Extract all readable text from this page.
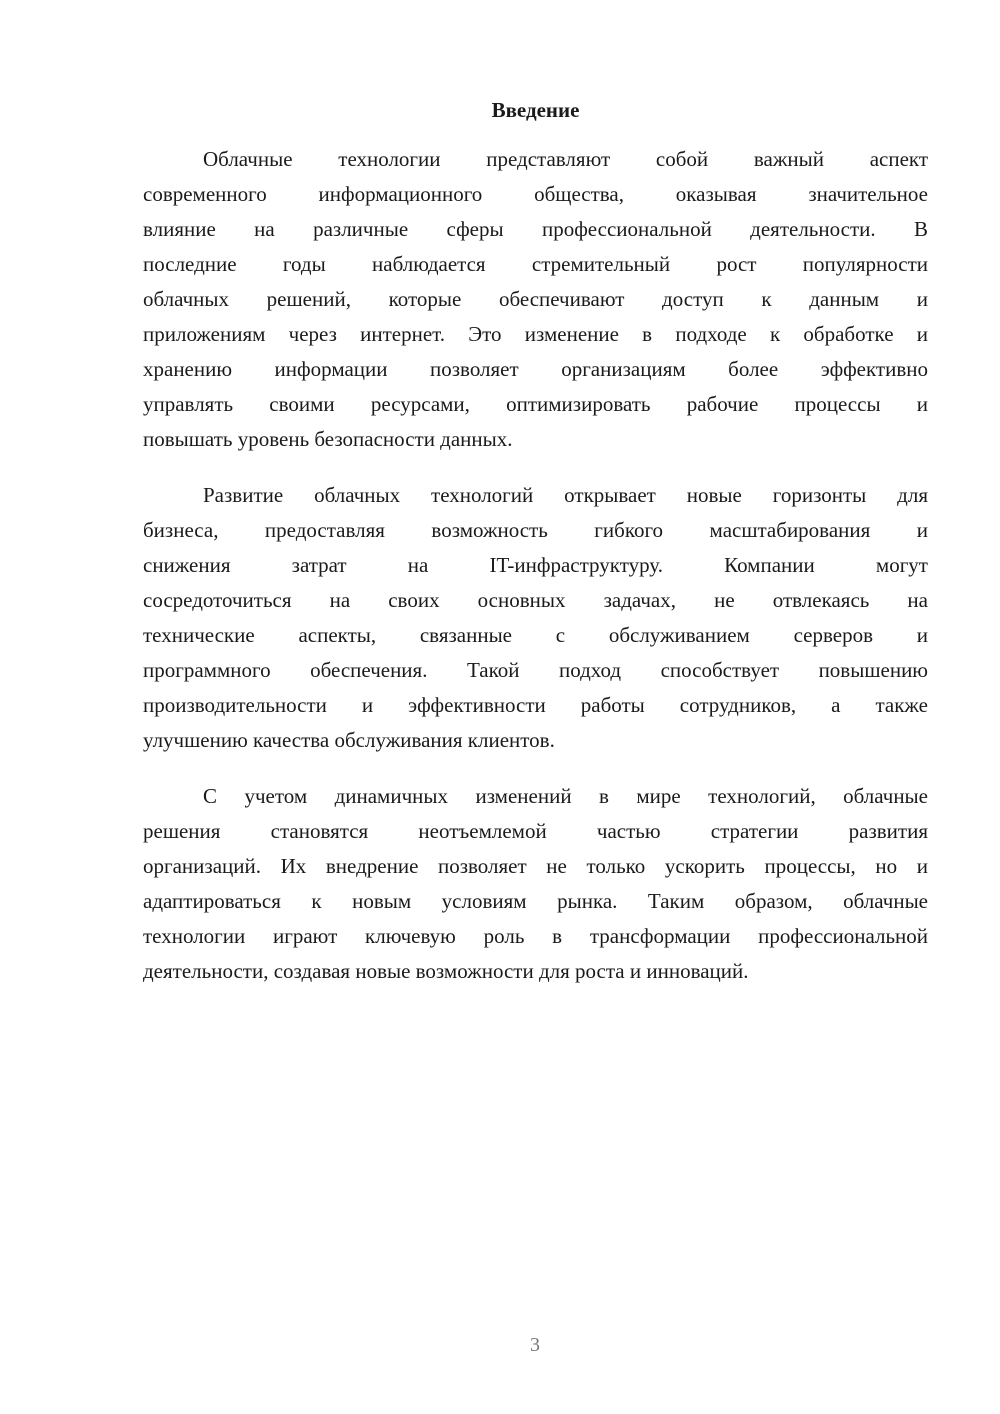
Введение
Облачные технологии представляют собой важный аспект
современного информационного общества, оказывая значительное
влияние на различные сферы профессиональной деятельности. В
последние годы наблюдается стремительный рост популярности
облачных решений, которые обеспечивают доступ к данным и
приложениям через интернет. Это изменение в подходе к обработке и
хранению информации позволяет организациям более эффективно
управлять своими ресурсами, оптимизировать рабочие процессы и
повышать уровень безопасности данных.
Развитие облачных технологий открывает новые горизонты для
бизнеса, предоставляя возможность гибкого масштабирования и
снижения затрат на IT-инфраструктуру. Компании могут
сосредоточиться на своих основных задачах, не отвлекаясь на
технические аспекты, связанные с обслуживанием серверов и
программного обеспечения. Такой подход способствует повышению
производительности и эффективности работы сотрудников, а также
улучшению качества обслуживания клиентов.
С учетом динамичных изменений в мире технологий, облачные
решения становятся неотъемлемой частью стратегии развития
организаций. Их внедрение позволяет не только ускорить процессы, но и
адаптироваться к новым условиям рынка. Таким образом, облачные
технологии играют ключевую роль в трансформации профессиональной
деятельности, создавая новые возможности для роста и инноваций.
3
